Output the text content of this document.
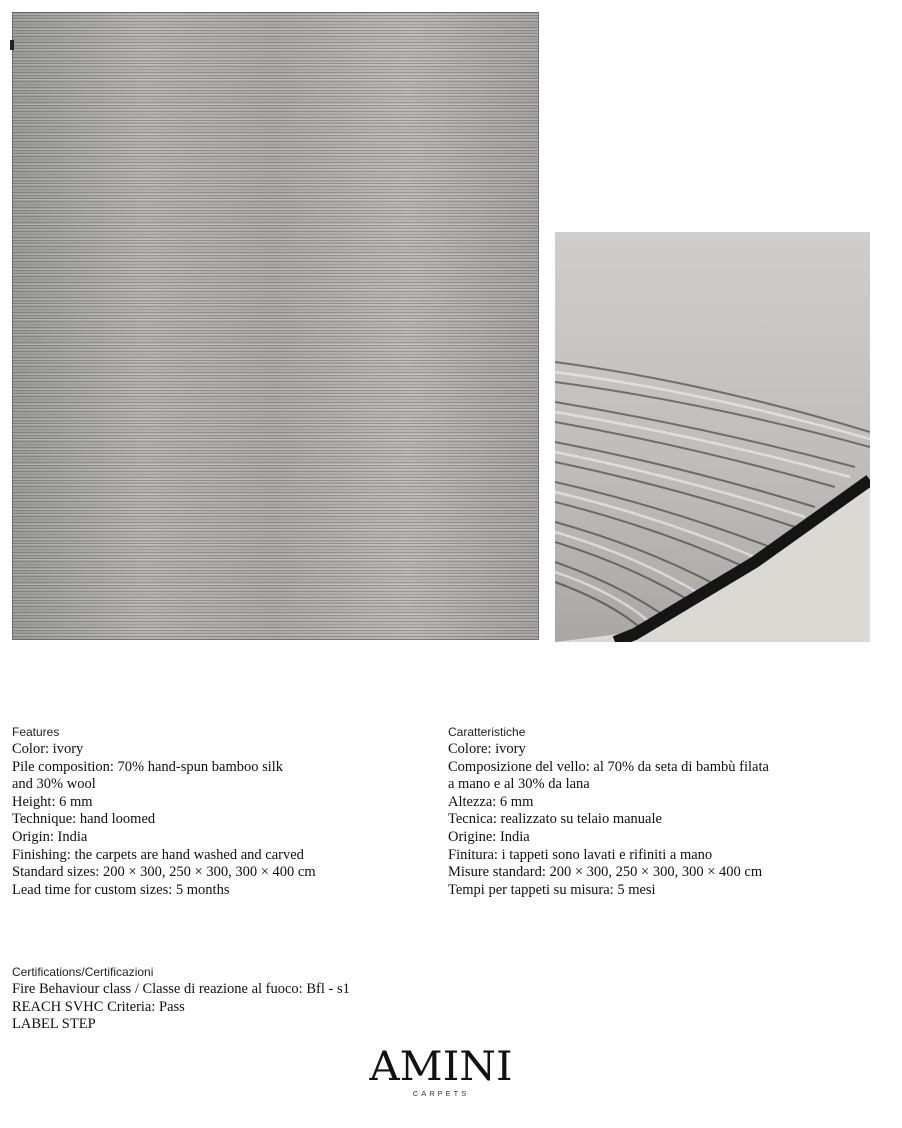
Features
Color: ivory
Pile composition: 70% hand-spun bamboo silk
and 30% wool
Height: 6 mm
Technique: hand loomed
Origin: India
Finishing: the carpets are hand washed and carved
Standard sizes: 200 × 300, 250 × 300, 300 × 400 cm
Lead time for custom sizes: 5 months
Caratteristiche
Colore: ivory
Composizione del vello: al 70% da seta di bambù filata
a mano e al 30% da lana
Altezza: 6 mm
Tecnica: realizzato su telaio manuale
Origine: India
Finitura: i tappeti sono lavati e rifiniti a mano
Misure standard: 200 × 300, 250 × 300, 300 × 400 cm
Tempi per tappeti su misura: 5 mesi
Certifications/Certificazioni
Fire Behaviour class / Classe di reazione al fuoco: Bfl - s1
REACH SVHC Criteria: Pass
LABEL STEP
AMINI
CARPETS
